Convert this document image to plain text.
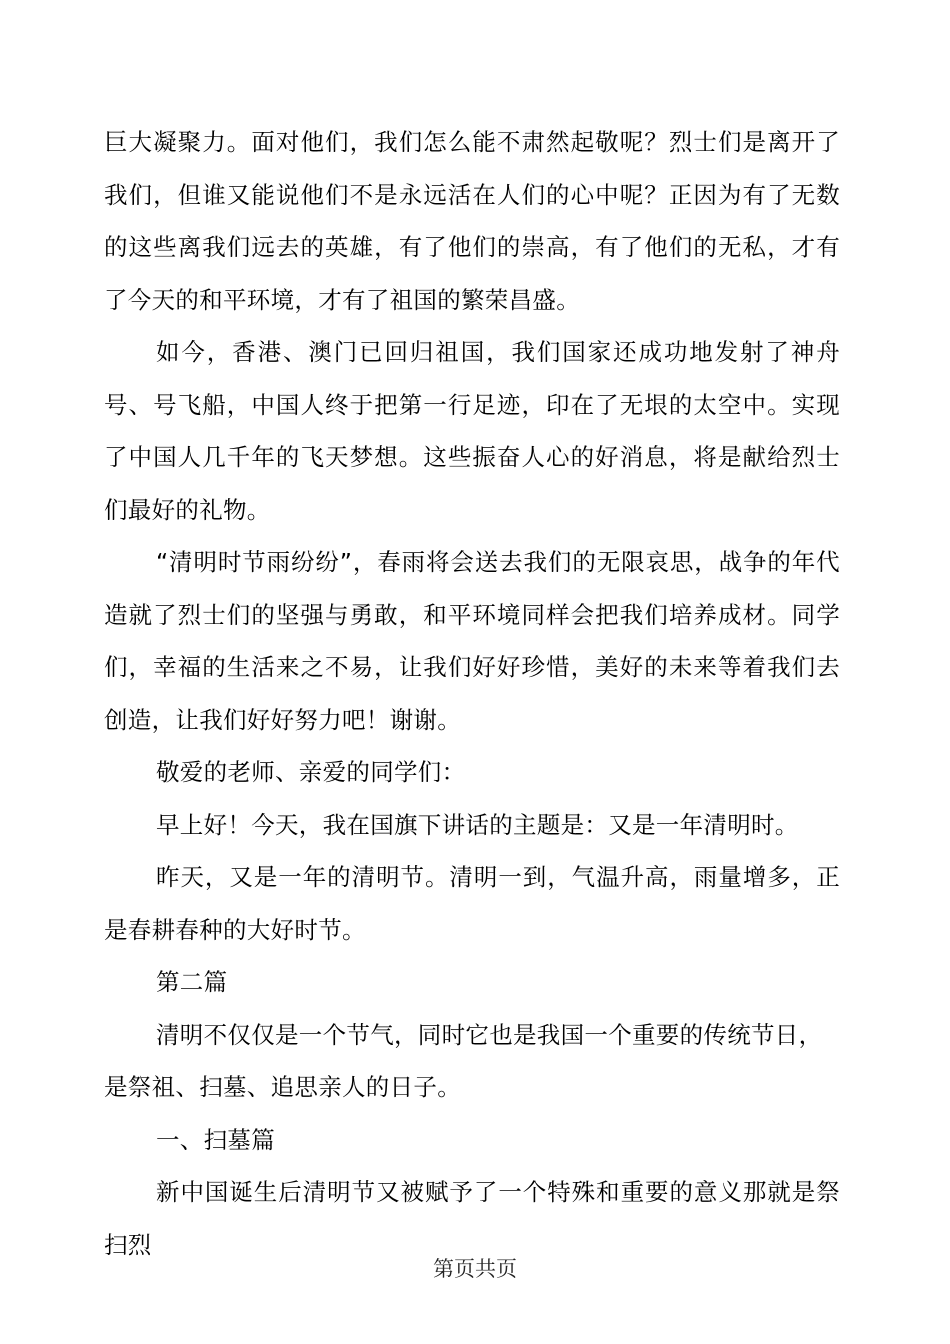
巨大凝聚力。面对他们，我们怎么能不肃然起敬呢？烈士们是离开了我们，但谁又能说他们不是永远活在人们的心中呢？正因为有了无数的这些离我们远去的英雄，有了他们的崇高，有了他们的无私，才有了今天的和平环境，才有了祖国的繁荣昌盛。

如今，香港、澳门已回归祖国，我们国家还成功地发射了神舟号、号飞船，中国人终于把第一行足迹，印在了无垠的太空中。实现了中国人几千年的飞天梦想。这些振奋人心的好消息，将是献给烈士们最好的礼物。

“清明时节雨纷纷”，春雨将会送去我们的无限哀思，战争的年代造就了烈士们的坚强与勇敢，和平环境同样会把我们培养成材。同学们，幸福的生活来之不易，让我们好好珍惜，美好的未来等着我们去创造，让我们好好努力吧！谢谢。

敬爱的老师、亲爱的同学们：

早上好！今天，我在国旗下讲话的主题是：又是一年清明时。

昨天，又是一年的清明节。清明一到，气温升高，雨量增多，正是春耕春种的大好时节。

第二篇

清明不仅仅是一个节气，同时它也是我国一个重要的传统节日，

是祭祖、扫墓、追思亲人的日子。

一、扫墓篇

新中国诞生后清明节又被赋予了一个特殊和重要的意义那就是祭扫烈

第页共页
